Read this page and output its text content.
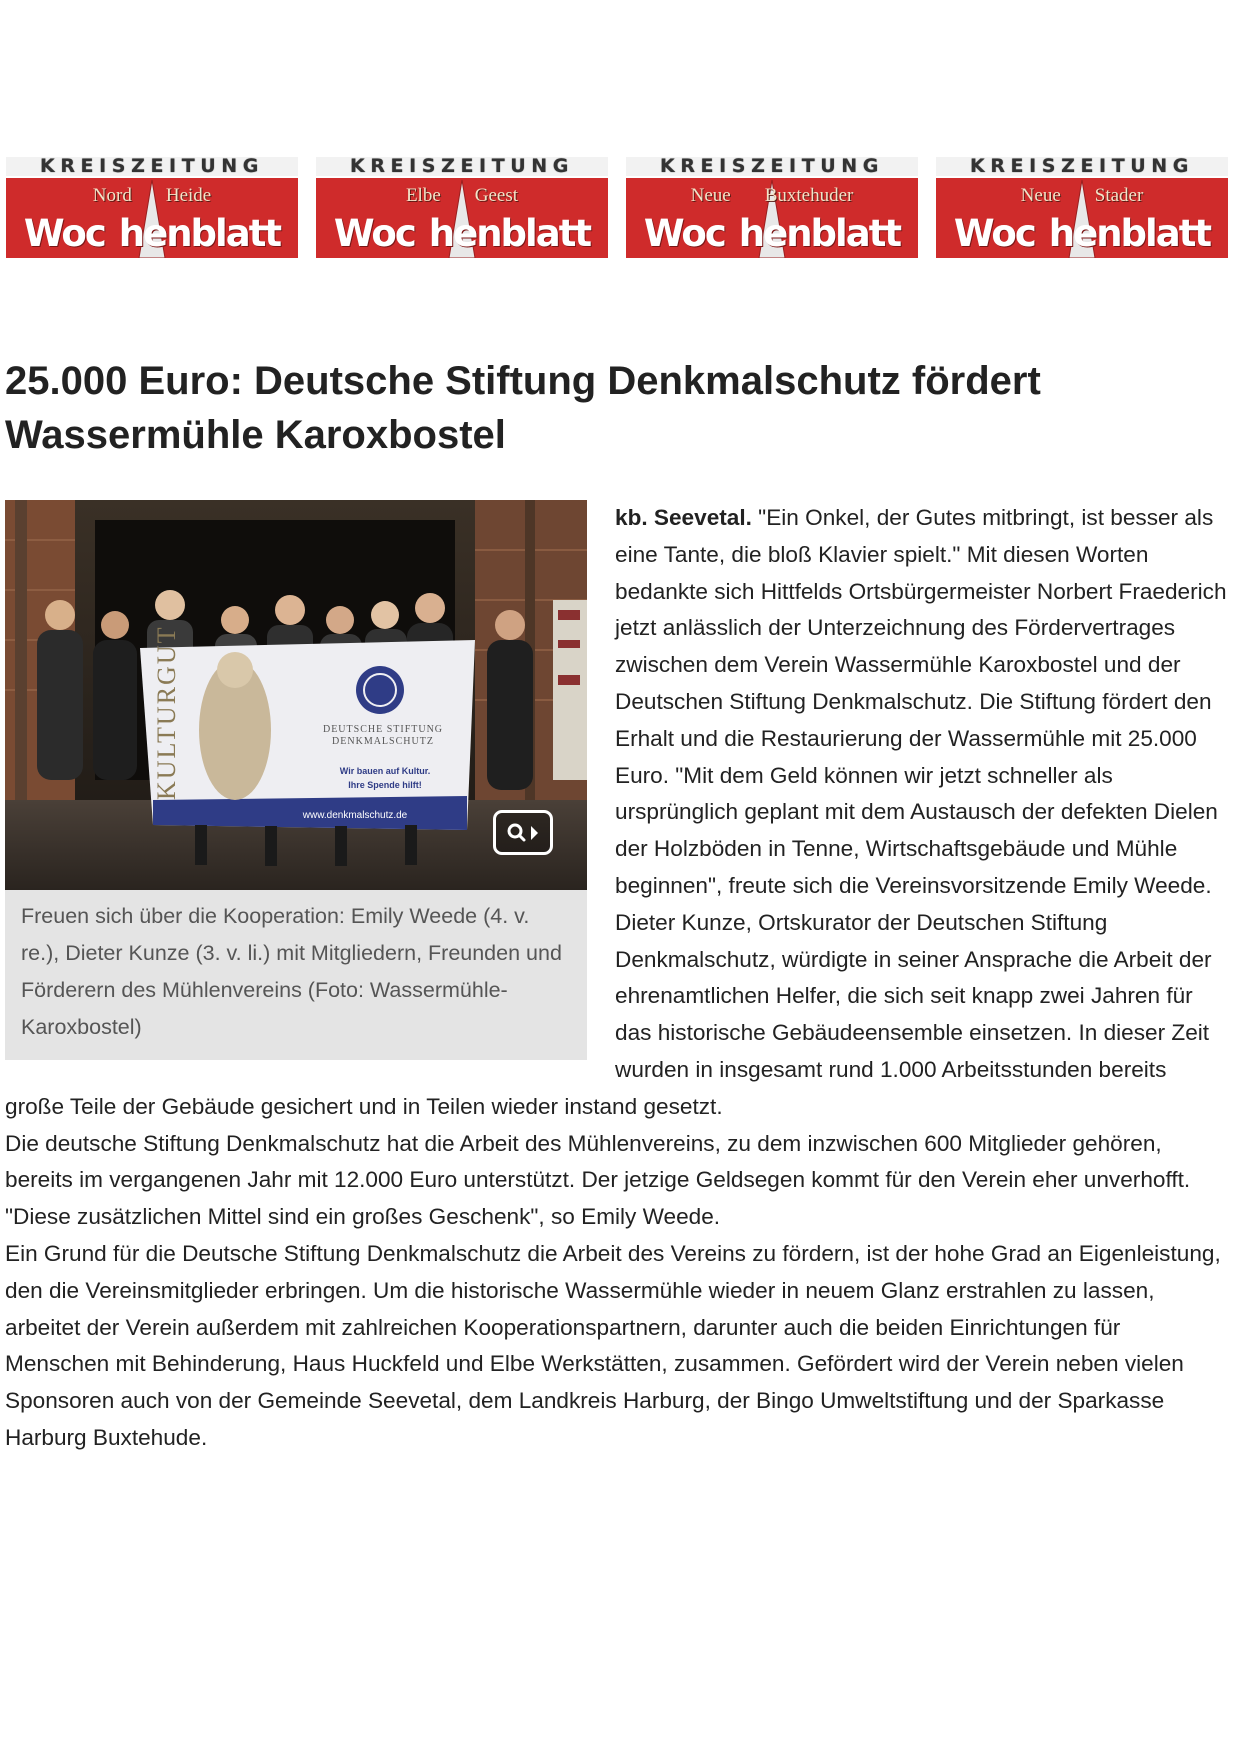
KREISZEITUNG
Nord Heide
Woc henblatt
KREISZEITUNG
Elbe Geest
Woc henblatt
KREISZEITUNG
Neue Buxtehuder
Woc henblatt
KREISZEITUNG
Neue Stader
Woc henblatt
25.000 Euro: Deutsche Stiftung Denkmalschutz fördert Wassermühle Karoxbostel
KULTURGUT	DEUTSCHE STIFTUNG
DENKMALSCHUTZ
Wir bauen auf Kultur.
Ihre Spende hilft!
www.denkmalschutz.de
Freuen sich über die Kooperation: Emily Weede (4. v. re.), Dieter Kunze (3. v. li.) mit Mitgliedern, Freunden und Förderern des Mühlenvereins (Foto: Wassermühle-Karoxbostel)

kb. Seevetal. "Ein Onkel, der Gutes mitbringt, ist besser als eine Tante, die bloß Klavier spielt." Mit diesen Worten bedankte sich Hittfelds Ortsbürgermeister Norbert Fraederich jetzt anlässlich der Unterzeichnung des Fördervertrages zwischen dem Verein Wassermühle Karoxbostel und der Deutschen Stiftung Denkmalschutz. Die Stiftung fördert den Erhalt und die Restaurierung der Wassermühle mit 25.000 Euro. "Mit dem Geld können wir jetzt schneller als ursprünglich geplant mit dem Austausch der defekten Dielen der Holzböden in Tenne, Wirtschaftsgebäude und Mühle beginnen", freute sich die Vereinsvorsitzende Emily Weede. Dieter Kunze, Ortskurator der Deutschen Stiftung Denkmalschutz, würdigte in seiner Ansprache die Arbeit der ehrenamtlichen Helfer, die sich seit knapp zwei Jahren für das historische Gebäudeensemble einsetzen. In dieser Zeit wurden in insgesamt rund 1.000 Arbeitsstunden bereits große Teile der Gebäude gesichert und in Teilen wieder instand gesetzt.

Die deutsche Stiftung Denkmalschutz hat die Arbeit des Mühlenvereins, zu dem inzwischen 600 Mitglieder gehören, bereits im vergangenen Jahr mit 12.000 Euro unterstützt. Der jetzige Geldsegen kommt für den Verein eher unverhofft. "Diese zusätzlichen Mittel sind ein großes Geschenk", so Emily Weede.

Ein Grund für die Deutsche Stiftung Denkmalschutz die Arbeit des Vereins zu fördern, ist der hohe Grad an Eigenleistung, den die Vereinsmitglieder erbringen. Um die historische Wassermühle wieder in neuem Glanz erstrahlen zu lassen, arbeitet der Verein außerdem mit zahlreichen Kooperationspartnern, darunter auch die beiden Einrichtungen für Menschen mit Behinderung, Haus Huckfeld und Elbe Werkstätten, zusammen. Gefördert wird der Verein neben vielen Sponsoren auch von der Gemeinde Seevetal, dem Landkreis Harburg, der Bingo Umweltstiftung und der Sparkasse Harburg Buxtehude.
